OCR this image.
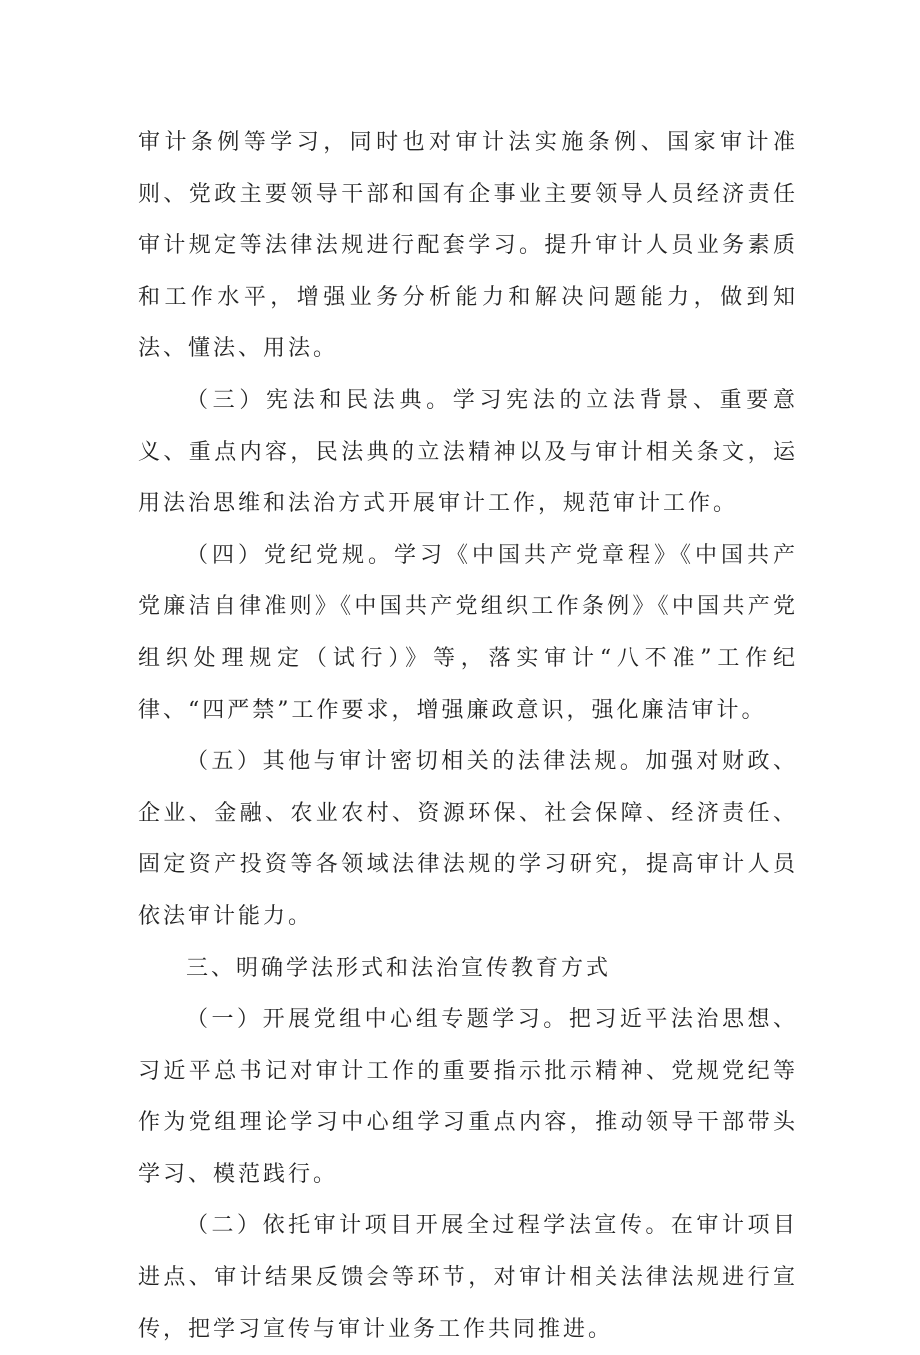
审计条例等学习，同时也对审计法实施条例、国家审计准则、党政主要领导干部和国有企事业主要领导人员经济责任审计规定等法律法规进行配套学习。提升审计人员业务素质和工作水平，增强业务分析能力和解决问题能力，做到知法、懂法、用法。

（三）宪法和民法典。学习宪法的立法背景、重要意义、重点内容，民法典的立法精神以及与审计相关条文，运用法治思维和法治方式开展审计工作，规范审计工作。

（四）党纪党规。学习《中国共产党章程》《中国共产党廉洁自律准则》《中国共产党组织工作条例》《中国共产党组织处理规定（试行）》等，落实审计“八不准”工作纪律、“四严禁”工作要求，增强廉政意识，强化廉洁审计。

（五）其他与审计密切相关的法律法规。加强对财政、企业、金融、农业农村、资源环保、社会保障、经济责任、固定资产投资等各领域法律法规的学习研究，提高审计人员依法审计能力。

三、明确学法形式和法治宣传教育方式

（一）开展党组中心组专题学习。把习近平法治思想、习近平总书记对审计工作的重要指示批示精神、党规党纪等作为党组理论学习中心组学习重点内容，推动领导干部带头学习、模范践行。

（二）依托审计项目开展全过程学法宣传。在审计项目进点、审计结果反馈会等环节，对审计相关法律法规进行宣传，把学习宣传与审计业务工作共同推进。
